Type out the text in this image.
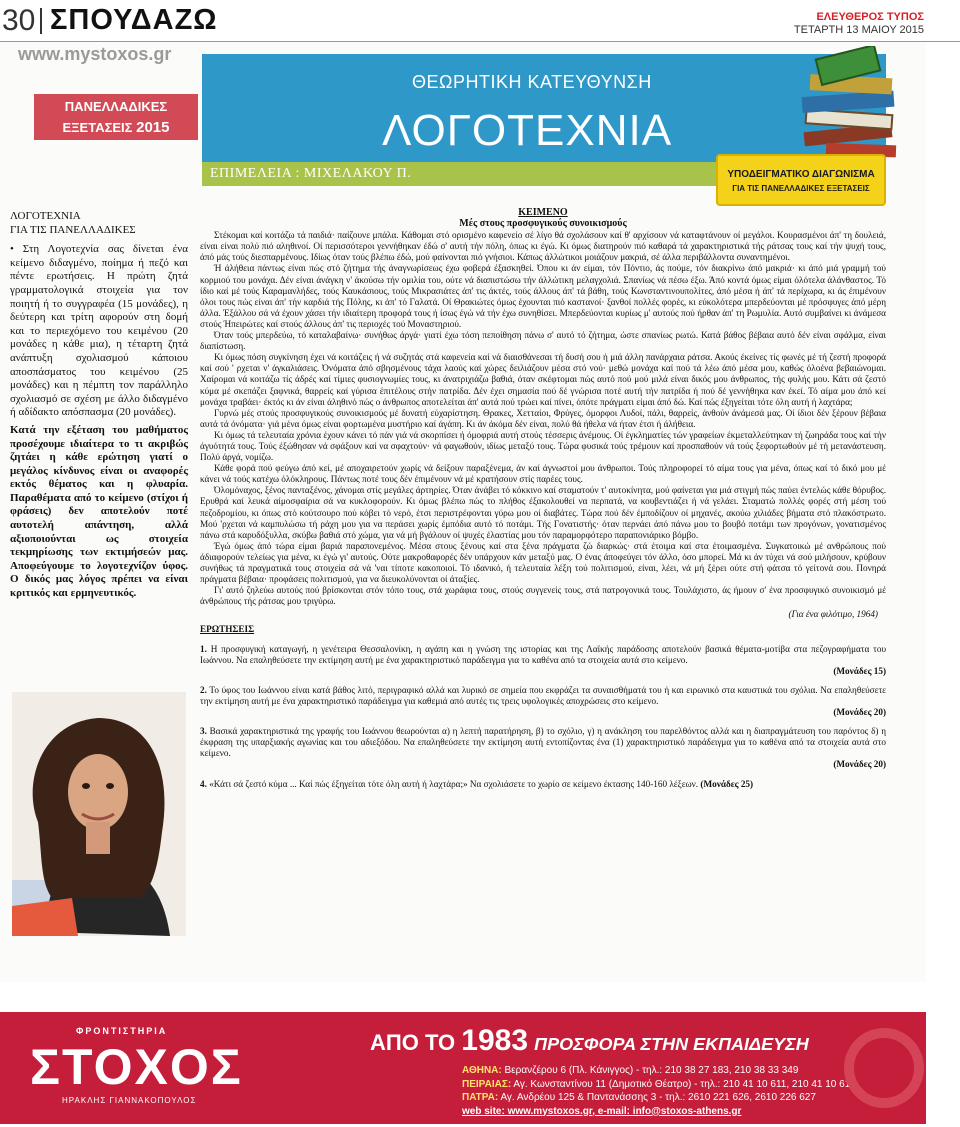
30 ΣΠΟΥΔΑΖΩ	ΕΛΕΥΘΕΡΟΣ ΤΥΠΟΣ
ΤΕΤΑΡΤΗ 13 ΜΑΙΟΥ 2015
www.mystoxos.gr
ΠΑΝΕΛΛΑΔΙΚΕΣ
ΕΞΕΤΑΣΕΙΣ 2015
ΘΕΩΡΗΤΙΚΗ ΚΑΤΕΥΘΥΝΣΗ
ΛΟΓΟΤΕΧΝΙΑ
ΕΠΙΜΕΛΕΙΑ : ΜΙΧΕΛΑΚΟΥ Π.	ΥΠΟΔΕΙΓΜΑΤΙΚΟ ΔΙΑΓΩΝΙΣΜΑ
ΓΙΑ ΤΙΣ ΠΑΝΕΛΛΑΔΙΚΕΣ ΕΞΕΤΑΣΕΙΣ
ΛΟΓΟΤΕΧΝΙΑ
ΓΙΑ ΤΙΣ ΠΑΝΕΛΛΑΔΙΚΕΣ

• Στη Λογοτεχνία σας δίνεται ένα κείμενο διδαγμένο, ποίημα ή πεζό και πέντε ερωτήσεις. Η πρώτη ζητά γραμματολογικά στοιχεία για τον ποιητή ή το συγγραφέα (15 μονάδες), η δεύτερη και τρίτη αφορούν στη δομή και το περιεχόμενο του κειμένου (20 μονάδες η κάθε μια), η τέταρτη ζητά ανάπτυξη σχολιασμού κάποιου αποσπάσματος του κειμένου (25 μονάδες) και η πέμπτη τον παράλληλο σχολιασμό σε σχέση με άλλο διδαγμένο ή αδίδακτο απόσπασμα (20 μονάδες).

Κατά την εξέταση του μαθήματος προσέχουμε ιδιαίτερα το τι ακριβώς ζητάει η κάθε ερώτηση γιατί ο μεγάλος κίνδυνος είναι οι αναφορές εκτός θέματος και η φλυαρία. Παραθέματα από το κείμενο (στίχοι ή φράσεις) δεν αποτελούν ποτέ αυτοτελή απάντηση, αλλά αξιοποιούνται ως στοιχεία τεκμηρίωσης των εκτιμήσεών μας. Αποφεύγουμε το λογοτεχνίζον ύφος. Ο δικός μας λόγος πρέπει να είναι κριτικός και ερμηνευτικός.

ΚΕΙΜΕΝΟ
Μές στους προσφυγικούς συνοικισμούς

Στέκομαι καί κοιτάζω τά παιδιά· παίζουνε μπάλα. Κάθομαι στό ορισμένο καφενείο σέ λίγο θά σχολάσουν καί θ' αρχίσουν νά καταφτάνουν οί μεγάλοι. Κουρασμένοι άπ' τη δουλειά, είναι είναι πολύ πιό αληθινοί. Οί περισσότεροι γεννήθηκαν έδώ σ' αυτή τήν πόλη, όπως κι έγώ. Κι όμως διατηρούν πιό καθαρά τά χαρακτηριστικά τής ράτσας τους καί τήν ψυχή τους, άπό μάς τούς διεσπαρμένους. Ιδίως όταν τούς βλέπω έδώ, μού φαίνονται πιό γνήσιοι. Κάπως άλλώτικοι μοιάζουν μακριά, σέ άλλα περιβάλλοντα συναντημένοι.

Ή άλήθεια πάντως είναι πώς στό ζήτημα τής άναγνωρίσεως έχω φοβερά έξασκηθεί. Όπου κι άν είμαι, τόν Πόντιο, άς πούμε, τόν διακρίνω άπό μακριά· κι άπό μιά γραμμή τού κορμιού του μονάχα. Δέν είναι άνάγκη ν' άκούσω τήν ομιλία του, ούτε νά διαπιστώσω τήν άλλώτικη μελαγχολιά. Σπανίως νά πέσω έξω. Άπό κοντά όμως είμαι όλότελα άλάνθαστος. Τό ίδιο καί μέ τούς Καραμανλήδες, τούς Καυκάσιους, τούς Μικρασιάτες άπ' τις άκτές, τούς άλλους άπ' τά βάθη, τούς Κωνσταντινουπολίτες, άπό μέσα ή άπ' τά περίχωρα, κι άς έπιμένουν όλοι τους πώς είναι άπ' τήν καρδιά τής Πόλης, κι άπ' τό Γαλατά. Οί Θρακιώτες όμως έχουνται πιό καστανοί· ξανθοί πολλές φορές, κι εύκολότερα μπερδεύονται μέ πρόσφυγες άπό μέρη άλλα. Έξάλλου σά νά έχουν χάσει τήν ιδιαίτερη προφορά τους ή ίσως έγώ νά τήν έχω συνηθίσει. Μπερδεύονται κυρίως μ' αυτούς πού ήρθαν άπ' τη Ρωμυλία. Αυτό συμβαίνει κι άνάμεσα στούς Ήπειρώτες καί στούς άλλους άπ' τις περιοχές τού Μοναστηριού.

Όταν τούς μπερδεύω, τό καταλαβαίνω· συνήθως άργά· γιατί έχω τόση πεποίθηση πάνω σ' αυτό τό ζήτημα, ώστε σπανίως ρωτώ. Κατά βάθος βέβαια αυτό δέν είναι σφάλμα, είναι διαπίστωση.

Κι όμως πόση συγκίνηση έχει νά κοιτάζεις ή νά συζητάς στά καφενεία καί νά διαισθάνεσαι τή δυσή σου ή μιά άλλη πανάρχαια ράτσα. Ακούς έκείνες τίς φωνές μέ τή ζεστή προφορά καί σού ' ρχεται ν' άγκαλιάσεις. Όνόματα άπό σβησμένους τάχα λαούς καί χώρες δειλιάζουν μέσα στό νού· μεθώ μονάχα καί πού τά λέω άπό μέσα μου, καθώς όλοένα βεβαιώνομαι. Χαίρομαι νά κοιτάζω τίς άδρές καί τίμιες φυσιογνωμίες τους, κι άνατριχιάζω βαθιά, όταν σκέφτομαι πώς αυτό πού μού μιλά είναι δικός μου άνθρωπος, τής φυλής μου. Κάτι σά ζεστό κύμα μέ σκεπάζει ξαφνικά, θαρρείς καί γύρισα έπιτέλους στήν πατρίδα. Δέν έχει σημασία πού δέ γνώρισα ποτέ αυτή τήν πατρίδα ή πού δέ γεννήθηκα καν έκεί. Τό αίμα μου άπό κεί μονάχα τραβάει· έκτός κι άν είναι άληθινό πώς ο άνθρωπος αποτελείται άπ' αυτά πού τρώει καί πίνει, όπότε πράγματι είμαι άπό δώ. Καί πώς έξηγείται τότε όλη αυτή ή λαχτάρα;

Γυρνώ μές στούς προσφυγικούς συνοικισμούς μέ δυνατή εύχαρίστηση. Θρακες, Χετταίοι, Φρύγες, όμορφοι Λυδοί, πάλι, θαρρείς, άνθούν άνάμεσά μας. Οί ίδιοι δέν ξέρουν βέβαια αυτά τά όνόματα· γιά μένα όμως είναι φορτωμένα μυστήριο καί άγάπη. Κι άν άκόμα δέν είναι, πολύ θά ήθελα νά ήταν έτσι ή άλήθεια.

Κι όμως τά τελευταία χρόνια έχουν κάνει τό πάν γιά νά σκορπίσει ή όμοφριά αυτή στούς τέσσερις άνέμους. Οί έγκληματίες τών γραφείων έκμεταλλεύτηκαν τή ζωηράδα τους καί τήν άγυότητά τους. Τούς έξώθησαν νά σφάξουν καί να σφαχτούν· νά φαγωθούν, ιδίως μεταξύ τους. Τώρα φυσικά τούς τρέμουν καί προσπαθούν νά τούς ξεφορτωθούν μέ τή μετανάστευση. Πολύ άργά, νομίζω.

Κάθε φορά πού φεύγω άπό κεί, μέ αποχαιρετούν χωρίς νά δείξουν παραξένεμα, άν καί άγνωστοί μου άνθρωποι. Τούς πληροφορεί τό αίμα τους για μένα, όπως καί τό δικό μου μέ κάνει νά τούς κατέχω όλόκληρους. Πάντως ποτέ τους δέν έπιμένουν νά μέ κρατήσουν στίς παρέες τους.

Όλομόναχος, ξένος πανταξένος, χάνομαι στίς μεγάλες άρτηρίες. Όταν άνάβει τό κόκκινο καί σταματούν τ' αυτοκίνητα, μού φαίνεται για μιά στιγμή πώς παύει έντελώς κάθε θόρυβος. Ερυθρά καί λευκά αίμοσφαίρια σά να κυκλοφορούν. Κι όμως βλέπω πώς το πλήθος έξακολουθεί να περπατά, να κουβεντιάζει ή νά γελάει. Σταματώ πολλές φορές στή μέση τού πεζοδρομίου, κι όπως στό κούτσουρο πού κόβει τό νερό, έτσι περιστρέφονται γύρω μου οί διαβάτες. Τώρα πού δέν έμποδίζουν οί μηχανές, ακούω χιλιάδες βήματα στό πλακόστρωτο. Μού 'ρχεται νά καμπυλώσω τή ράχη μου για να περάσει χωρίς έμπόδια αυτό τό ποτάμι. Τής Γονατιστής· όταν περνάει άπό πάνω μου το βουβό ποτάμι των προγόνων, γονατισμένος πάνω στά καρυδόξυλλα, σκύβω βαθιά στό χώμα, για νά μή βγάλουν οί ψυχές έλαστίας μου τόν παραμορφότερο παραπονιάρικο βόμβο.

Έγώ όμως άπό τώρα είμαι βαριά παραπονεμένος. Μέσα στους ξένους καί στα ξένα πράγματα ζώ διαρκώς· στά έτοιμα καί στα έτοιμασμένα. Συγκατοικώ μέ ανθρώπους πού άδιαφορούν τελείως για μένα, κι έγώ γι' αυτούς. Ούτε μακροθαφορές δέν υπάρχουν κάν μεταξύ μας. Ο ένας άποφεύγει τόν άλλο, όσο μπορεί. Μά κι άν τύχει νά σού μιλήσουν, κρύβουν συνήθως τά πραγματικά τους στοιχεία σά νά 'ναι τίποτε κακοποιοί. Τό ιδανικό, ή τελευταία λέξη τού πολιτισμού, είναι, λέει, νά μή ξέρει ούτε στή φάτσα τό γείτονά σου. Πονηρά πράγματα βέβαια· προφάσεις πολιτισμού, για να διευκολύνονται οί άταξίες.

Γι' αυτό ζηλεύω αυτούς πού βρίσκονται στόν τόπο τους, στά χωράφια τους, στούς συγγενείς τους, στά πατρογονικά τους. Τουλάχιστο, άς ήμουν σ' ένα προσφυγικό συνοικισμό μέ άνθρώπους τής ράτσας μου τριγύρω.

(Για ένα φιλότιμο, 1964)
ΕΡΩΤΗΣΕΙΣ
1. Η προσφυγική καταγωγή, η γενέτειρα Θεσσαλονίκη, η αγάπη και η γνώση της ιστορίας και της Λαϊκής παράδοσης αποτελούν βασικά θέματα-μοτίβα στα πεζογραφήματα του Ιωάννου. Να επαληθεύσετε την εκτίμηση αυτή με ένα χαρακτηριστικό παράδειγμα για το καθένα από τα στοιχεία αυτά στο κείμενο.
(Μονάδες 15)
2. Το ύφος του Ιωάννου είναι κατά βάθος λιτό, περιγραφικό αλλά και λυρικό σε σημεία που εκφράζει τα συναισθήματά του ή και ειρωνικό στα καυστικά του σχόλια. Να επαληθεύσετε την εκτίμηση αυτή με ένα χαρακτηριστικό παράδειγμα για καθεμιά από αυτές τις τρεις υφολογικές αποχρώσεις στο κείμενο.
(Μονάδες 20)
3. Βασικά χαρακτηριστικά της γραφής του Ιωάννου θεωρούνται α) η λεπτή παρατήρηση, β) το σχόλιο, γ) η ανάκληση του παρελθόντος αλλά και η διαπραγμάτευση του παρόντος δ) η έκφραση της υπαρξιακής αγωνίας και του αδιεξόδου. Να επαληθεύσετε την εκτίμηση αυτή εντοπίζοντας ένα (1) χαρακτηριστικό παράδειγμα για το καθένα από τα στοιχεία αυτά στο κείμενο.
(Μονάδες 20)
4. «Κάτι σά ζεστό κύμα ... Καί πώς έξηγείται τότε όλη αυτή ή λαχτάρα;» Να σχολιάσετε το χωρίο σε κείμενο έκτασης 140-160 λέξεων. (Μονάδες 25)
ΦΡΟΝΤΙΣΤΗΡΙΑ
ΣΤΟΧΟΣ
ΗΡΑΚΛΗΣ ΓΙΑΝΝΑΚΟΠΟΥΛΟΣ
ΑΠΟ ΤΟ 1983 ΠΡΟΣΦΟΡΑ ΣΤΗΝ ΕΚΠΑΙΔΕΥΣΗ
ΑΘΗΝΑ: Βερανζέρου 6 (Πλ. Κάνιγγος) - τηλ.: 210 38 27 183, 210 38 33 349
ΠΕΙΡΑΙΑΣ: Αγ. Κωνσταντίνου 11 (Δημοτικό Θέατρο) - τηλ.: 210 41 10 611, 210 41 10 612
ΠΑΤΡΑ: Αγ. Ανδρέου 125 & Παντανάσσης 3 - τηλ.: 2610 221 626, 2610 226 627
web site: www.mystoxos.gr, e-mail: info@stoxos-athens.gr
